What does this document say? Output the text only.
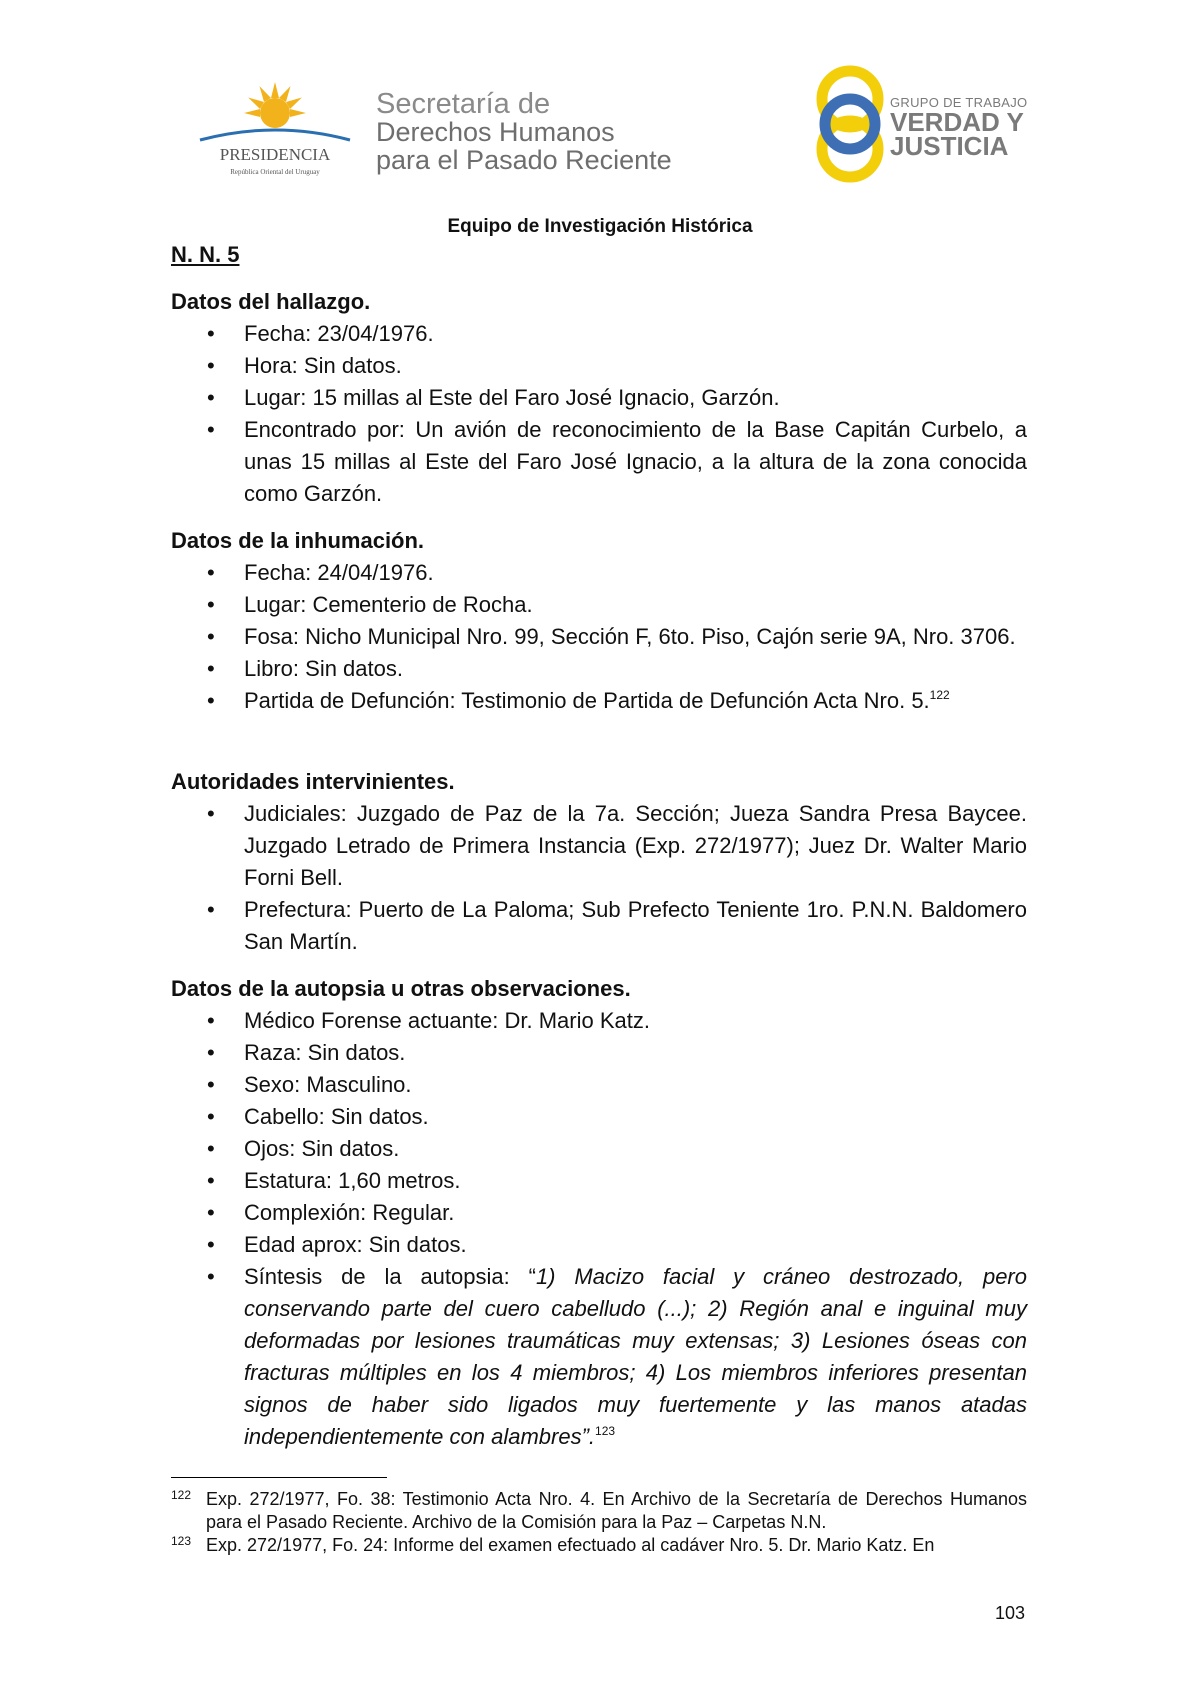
PRESIDENCIA
República Oriental del Uruguay
Secretaría de
Derechos Humanos
para el Pasado Reciente
GRUPO DE TRABAJO
VERDAD Y
JUSTICIA
Equipo de Investigación Histórica
N. N. 5
Datos del hallazgo.
• Fecha: 23/04/1976.
• Hora: Sin datos.
• Lugar: 15 millas al Este del Faro José Ignacio, Garzón.
• Encontrado por: Un avión de reconocimiento de la Base Capitán Curbelo, a unas 15 millas al Este del Faro José Ignacio, a la altura de la zona conocida como Garzón.
Datos de la inhumación.
• Fecha: 24/04/1976.
• Lugar: Cementerio de Rocha.
• Fosa: Nicho Municipal Nro. 99, Sección F, 6to. Piso, Cajón serie 9A, Nro. 3706.
• Libro: Sin datos.
• Partida de Defunción: Testimonio de Partida de Defunción Acta Nro. 5.$^{122}$
Autoridades intervinientes.
• Judiciales: Juzgado de Paz de la 7a. Sección; Jueza Sandra Presa Baycee. Juzgado Letrado de Primera Instancia (Exp. 272/1977); Juez Dr. Walter Mario Forni Bell.
• Prefectura: Puerto de La Paloma; Sub Prefecto Teniente 1ro. P.N.N. Baldomero San Martín.
Datos de la autopsia u otras observaciones.
• Médico Forense actuante: Dr. Mario Katz.
• Raza: Sin datos.
• Sexo: Masculino.
• Cabello: Sin datos.
• Ojos: Sin datos.
• Estatura: 1,60 metros.
• Complexión: Regular.
• Edad aprox: Sin datos.
• Síntesis de la autopsia: “1) Macizo facial y cráneo destrozado, pero conservando parte del cuero cabelludo (...); 2) Región anal e inguinal muy deformadas por lesiones traumáticas muy extensas; 3) Lesiones óseas con fracturas múltiples en los 4 miembros; 4) Los miembros inferiores presentan signos de haber sido ligados muy fuertemente y las manos atadas independientemente con alambres”.$^{123}$
122 Exp. 272/1977, Fo. 38: Testimonio Acta Nro. 4. En Archivo de la Secretaría de Derechos Humanos para el Pasado Reciente. Archivo de la Comisión para la Paz – Carpetas N.N.
123 Exp. 272/1977, Fo. 24: Informe del examen efectuado al cadáver Nro. 5. Dr. Mario Katz. En
103
